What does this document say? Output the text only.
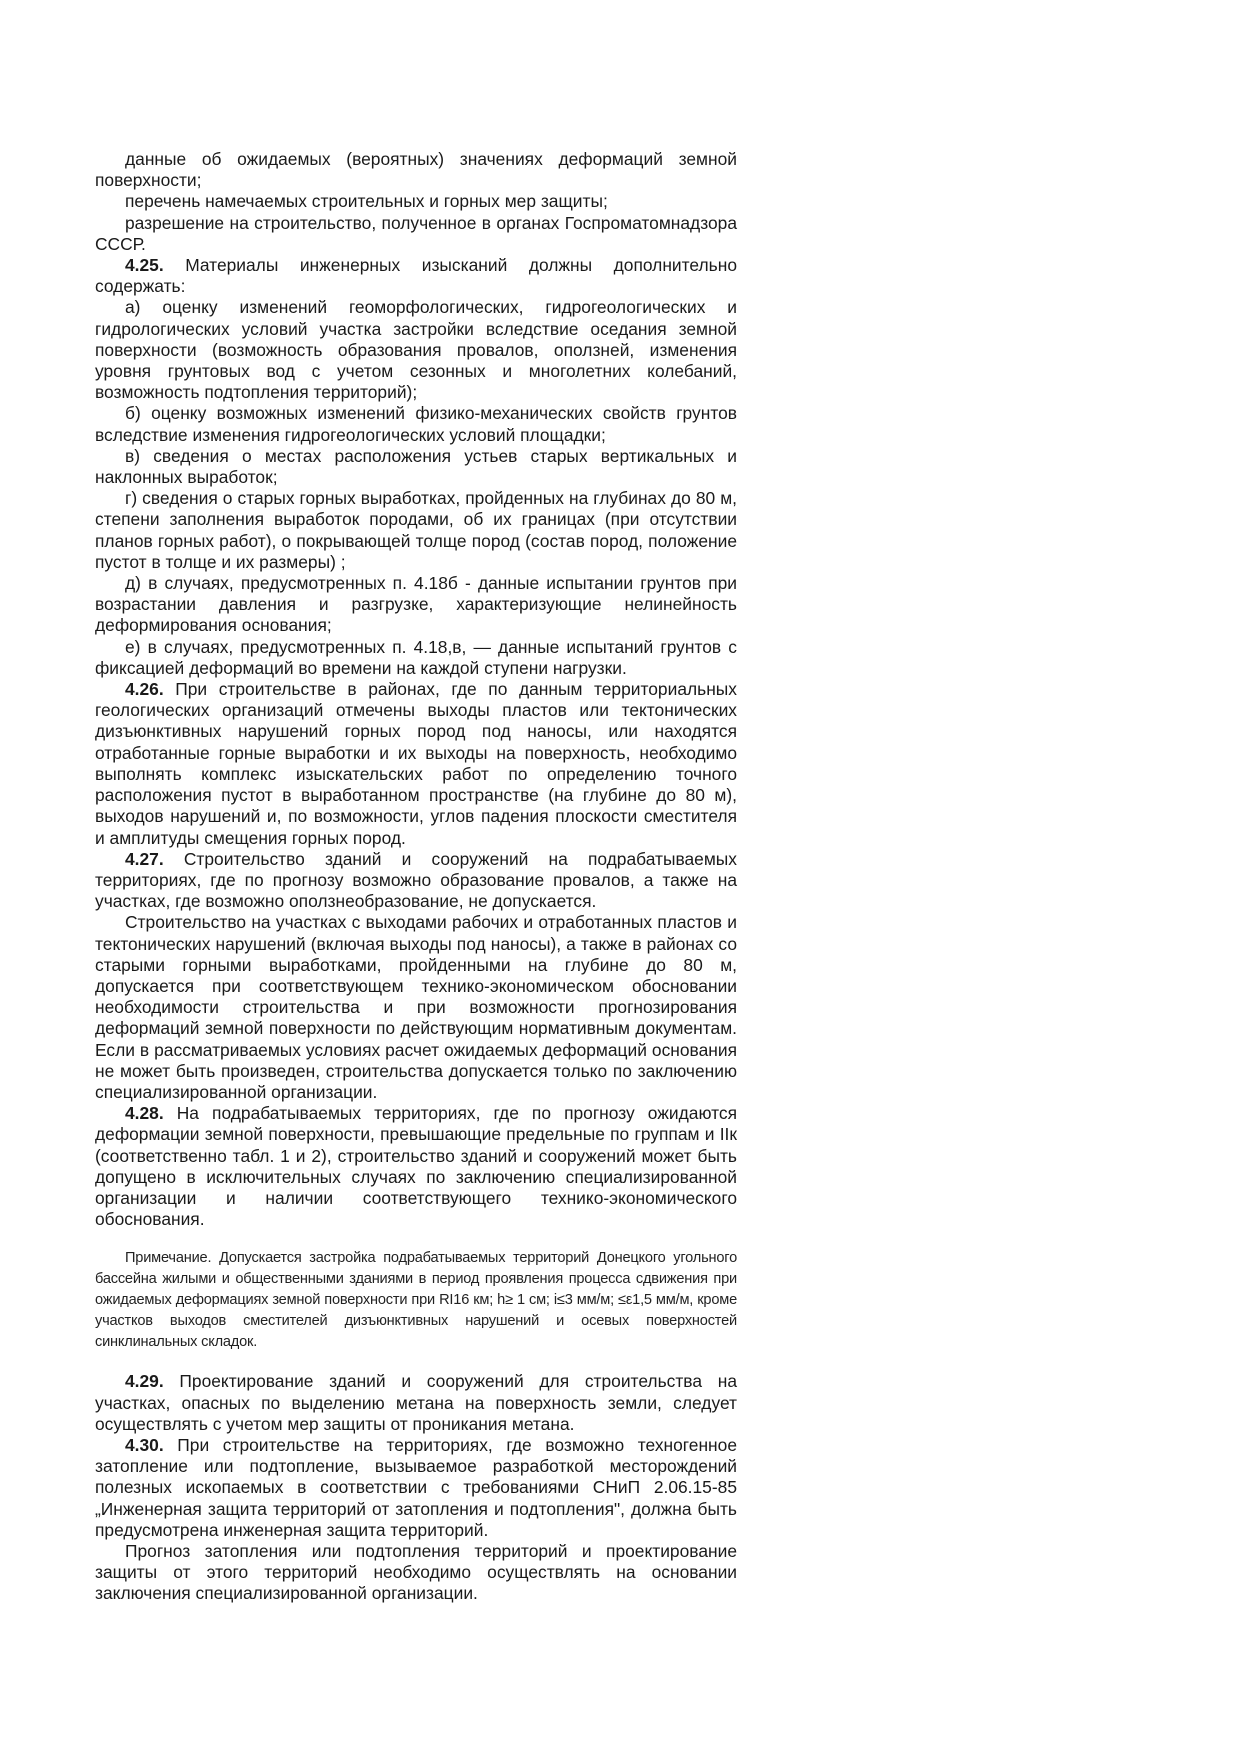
данные об ожидаемых (вероятных) значениях деформаций земной поверхности;

перечень намечаемых строительных и горных мер защиты;

разрешение на строительство, полученное в органах Госпроматомнадзора СССР.

4.25. Материалы инженерных изысканий должны дополнительно содержать:

а) оценку изменений геоморфологических, гидрогеологических и гидрологических условий участка застройки вследствие оседания земной поверхности (возможность образования провалов, оползней, изменения уровня грунтовых вод с учетом сезонных и многолетних колебаний, возможность подтопления территорий);

б) оценку возможных изменений физико-механических свойств грунтов вследствие изменения гидрогеологических условий площадки;

в) сведения о местах расположения устьев старых вертикальных и наклонных выработок;

г) сведения о старых горных выработках, пройденных на глубинах до 80 м, степени заполнения выработок породами, об их границах (при отсутствии планов горных работ), о покрывающей толще пород (состав пород, положение пустот в толще и их размеры) ;

д) в случаях, предусмотренных п. 4.18б - данные испытании грунтов при возрастании давления и разгрузке, характеризующие нелинейность деформирования основания;

е) в случаях, предусмотренных п. 4.18,в, — данные испытаний грунтов с фиксацией деформаций во времени на каждой ступени нагрузки.

4.26. При строительстве в районах, где по данным территориальных геологических организаций отмечены выходы пластов или тектонических дизъюнктивных нарушений горных пород под наносы, или находятся отработанные горные выработки и их выходы на поверхность, необходимо выполнять комплекс изыскательских работ по определению точного расположения пустот в выработанном пространстве (на глубине до 80 м), выходов нарушений и, по возможности, углов падения плоскости сместителя и амплитуды смещения горных пород.

4.27. Строительство зданий и сооружений на подрабатываемых территориях, где по прогнозу возможно образование провалов, а также на участках, где возможно оползнеобразование, не допускается.

Строительство на участках с выходами рабочих и отработанных пластов и тектонических нарушений (включая выходы под наносы), а также в районах со старыми горными выработками, пройденными на глубине до 80 м, допускается при соответствующем технико-экономическом обосновании необходимости строительства и при возможности прогнозирования деформаций земной поверхности по действующим нормативным документам. Если в рассматриваемых условиях расчет ожидаемых деформаций основания не может быть произведен, строительства допускается только по заключению специализированной организации.

4.28. На подрабатываемых территориях, где по прогнозу ожидаются деформации земной поверхности, превышающие предельные по группам и IIк (соответственно табл. 1 и 2), строительство зданий и сооружений может быть допущено в исключительных случаях по заключению специализированной организации и наличии соответствующего технико-экономического обоснования.

Примечание. Допускается застройка подрабатываемых территорий Донецкого угольного бассейна жилыми и общественными зданиями в период проявления процесса сдвижения при ожидаемых деформациях земной поверхности при RI16 км; h≥ 1 см; i≤3 мм/м; ≤ε1,5 мм/м, кроме участков выходов сместителей дизъюнктивных нарушений и осевых поверхностей синклинальных складок.

4.29. Проектирование зданий и сооружений для строительства на участках, опасных по выделению метана на поверхность земли, следует осуществлять с учетом мер защиты от проникания метана.

4.30. При строительстве на территориях, где возможно техногенное затопление или подтопление, вызываемое разработкой месторождений полезных ископаемых в соответствии с требованиями СНиП 2.06.15-85 „Инженерная защита территорий от затопления и подтопления", должна быть предусмотрена инженерная защита территорий.

Прогноз затопления или подтопления территорий и проектирование защиты от этого территорий необходимо осуществлять на основании заключения специализированной организации.
